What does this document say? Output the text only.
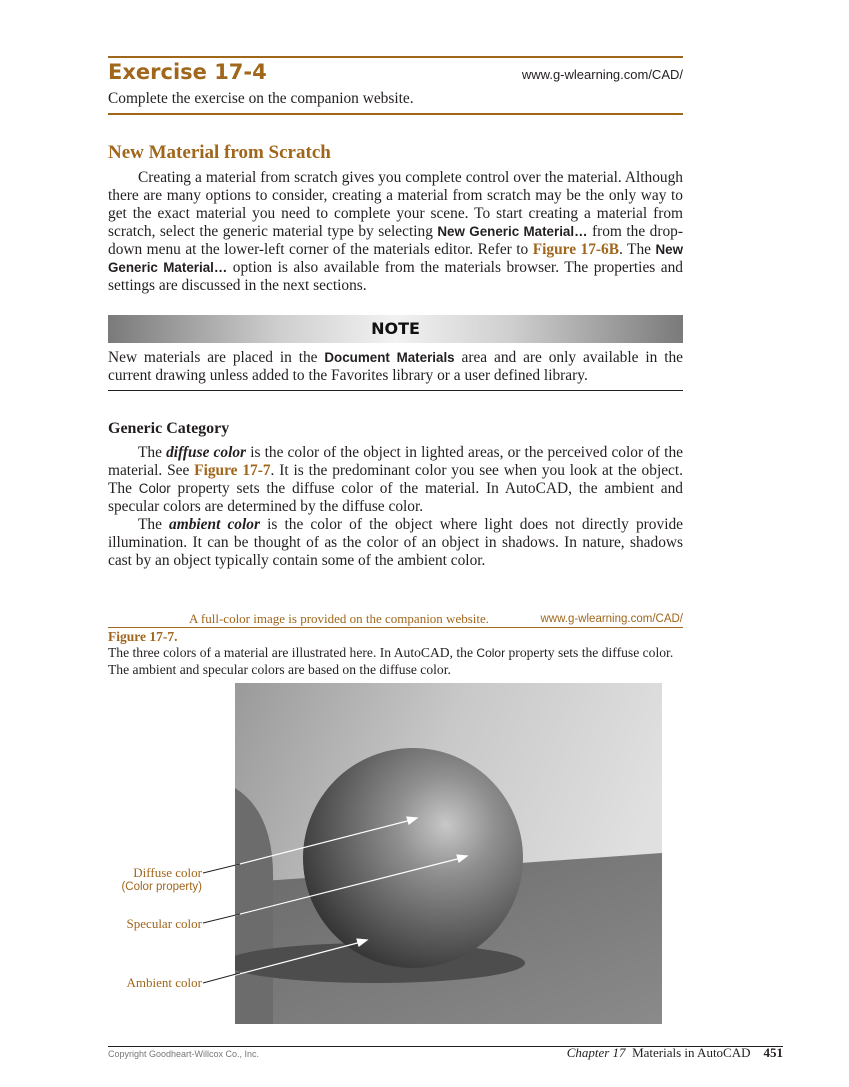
Exercise 17-4	www.g-wlearning.com/CAD/
Complete the exercise on the companion website.
New Material from Scratch

Creating a material from scratch gives you complete control over the material. Although there are many options to consider, creating a material from scratch may be the only way to get the exact material you need to complete your scene. To start creating a material from scratch, select the generic material type by selecting New Generic Material… from the drop-down menu at the lower-left corner of the materials editor. Refer to Figure 17-6B. The New Generic Material… option is also available from the materials browser. The properties and settings are discussed in the next sections.

NOTE

New materials are placed in the Document Materials area and are only available in the current drawing unless added to the Favorites library or a user defined library.

Generic Category

The diffuse color is the color of the object in lighted areas, or the perceived color of the material. See Figure 17-7. It is the predominant color you see when you look at the object. The Color property sets the diffuse color of the material. In AutoCAD, the ambient and specular colors are determined by the diffuse color.

The ambient color is the color of the object where light does not directly provide illumination. It can be thought of as the color of an object in shadows. In nature, shadows cast by an object typically contain some of the ambient color.

A full-color image is provided on the companion website.	www.g-wlearning.com/CAD/
Figure 17-7.

The three colors of a material are illustrated here. In AutoCAD, the Color property sets the diffuse color. The ambient and specular colors are based on the diffuse color.

Diffuse color
(Color property)
Specular color
Ambient color
Copyright Goodheart-Willcox Co., Inc.	Chapter 17 Materials in AutoCAD 451
